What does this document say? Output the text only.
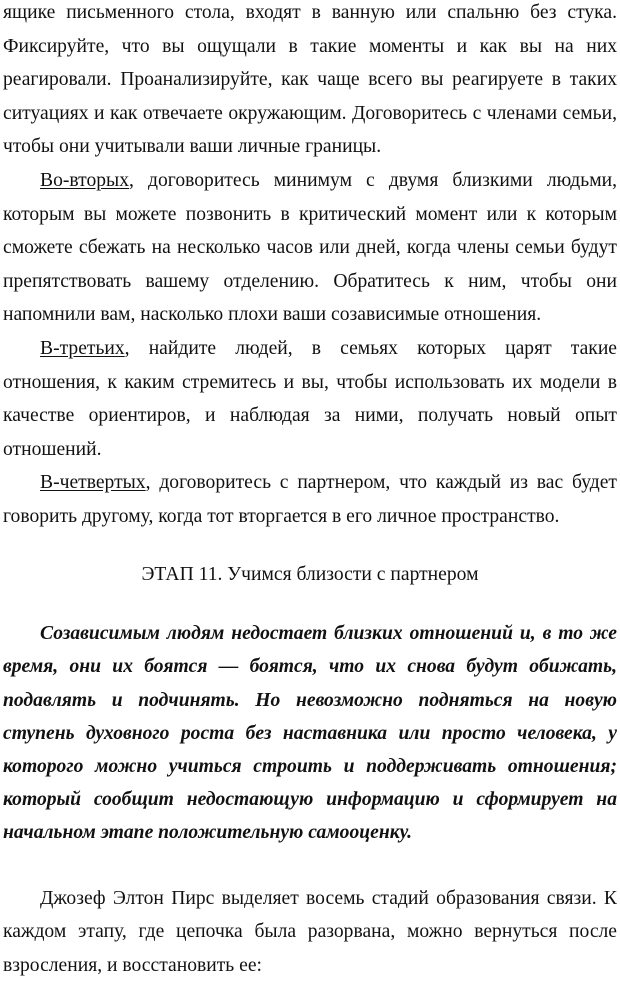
ящике письменного стола, входят в ванную или спальню без стука. Фиксируйте, что вы ощущали в такие моменты и как вы на них реагировали. Проанализируйте, как чаще всего вы реагируете в таких ситуациях и как отвечаете окружающим. Договоритесь с членами семьи, чтобы они учитывали ваши личные границы.

Во-вторых, договоритесь минимум с двумя близкими людьми, которым вы можете позвонить в критический момент или к которым сможете сбежать на несколько часов или дней, когда члены семьи будут препятствовать вашему отделению. Обратитесь к ним, чтобы они напомнили вам, насколько плохи ваши созависимые отношения.

В-третьих, найдите людей, в семьях которых царят такие отношения, к каким стремитесь и вы, чтобы использовать их модели в качестве ориентиров, и наблюдая за ними, получать новый опыт отношений.

В-четвертых, договоритесь с партнером, что каждый из вас будет говорить другому, когда тот вторгается в его личное пространство.

ЭТАП 11. Учимся близости с партнером

Созависимым людям недостает близких отношений и, в то же время, они их боятся — боятся, что их снова будут обижать, подавлять и подчинять. Но невозможно подняться на новую ступень духовного роста без наставника или просто человека, у которого можно учиться строить и поддерживать отношения; который сообщит недостающую информацию и сформирует на начальном этапе положительную самооценку.

Джозеф Элтон Пирс выделяет восемь стадий образования связи. К каждом этапу, где цепочка была разорвана, можно вернуться после взросления, и восстановить ее:
